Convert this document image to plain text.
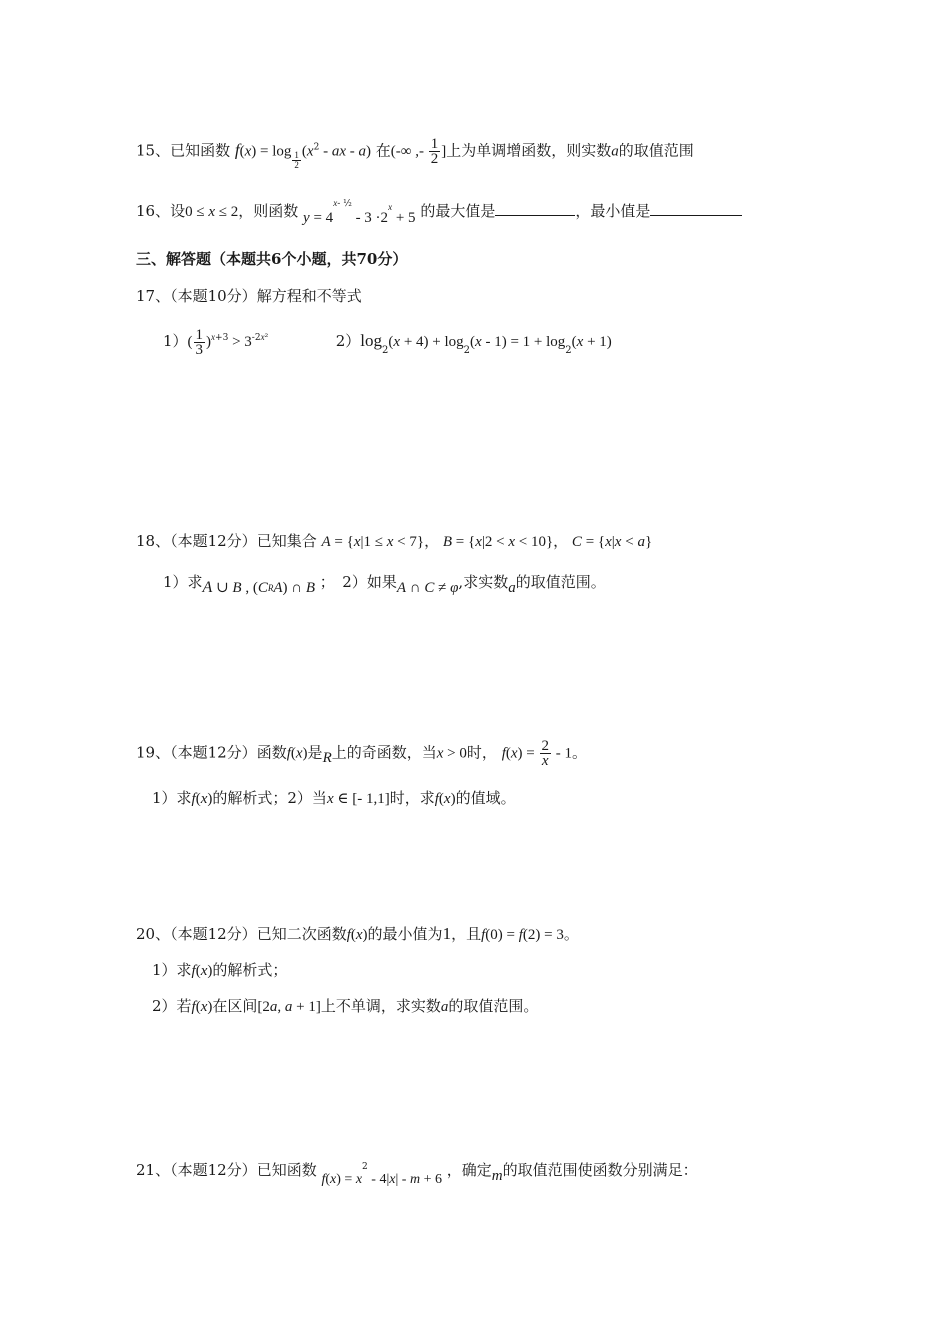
15、已知函数 $f(x) = \log \frac{1}{2} (x^2$ - ax - a) 在(-∞ ,- $\frac{1}{2}$ ]上为单调增函数，则实数a的取值范围
16、设0 ≤ x ≤ 2，则函数 $y = 4^{x- \frac{1}{2}} - 3 \cdot 2^x + 5$ 的最大值是	，最小值是
三、解答题（本题共6个小题，共70分）
17、（本题10分）解方程和不等式
$1)( \frac{1}{3} )^{x+3} > 3^{-2x^2}$	$2)\log_2(x + 4) + \log_2(x - 1) = 1 + \log_2(x + 1)$
18、（本题12分）已知集合 A = {x|1 ≤ x < 7}， B = {x|2 < x < 10}， C = {x|x < a}
1）求A ∪ B , $(C_RA)$ ∩ B ；　2）如果A ∩ C ≠ φ,求实数a的取值范围。
19、（本题12分）函数f(x)是R上的奇函数，当x > 0时， $f(x) = \frac{2}{x} - 1$。
1）求f(x)的解析式；2）当x ∈ [- 1,1]时，求f(x)的值域。
20、（本题12分）已知二次函数f(x)的最小值为1，且f(0) = f(2) = 3。
1）求f(x)的解析式；
2）若f(x)在区间[2a, a + 1]上不单调，求实数a的取值范围。
21、（本题12分）已知函数 $f(x) = x^2 - 4|x| - m + 6$ ，确定m的取值范围使函数分别满足：
